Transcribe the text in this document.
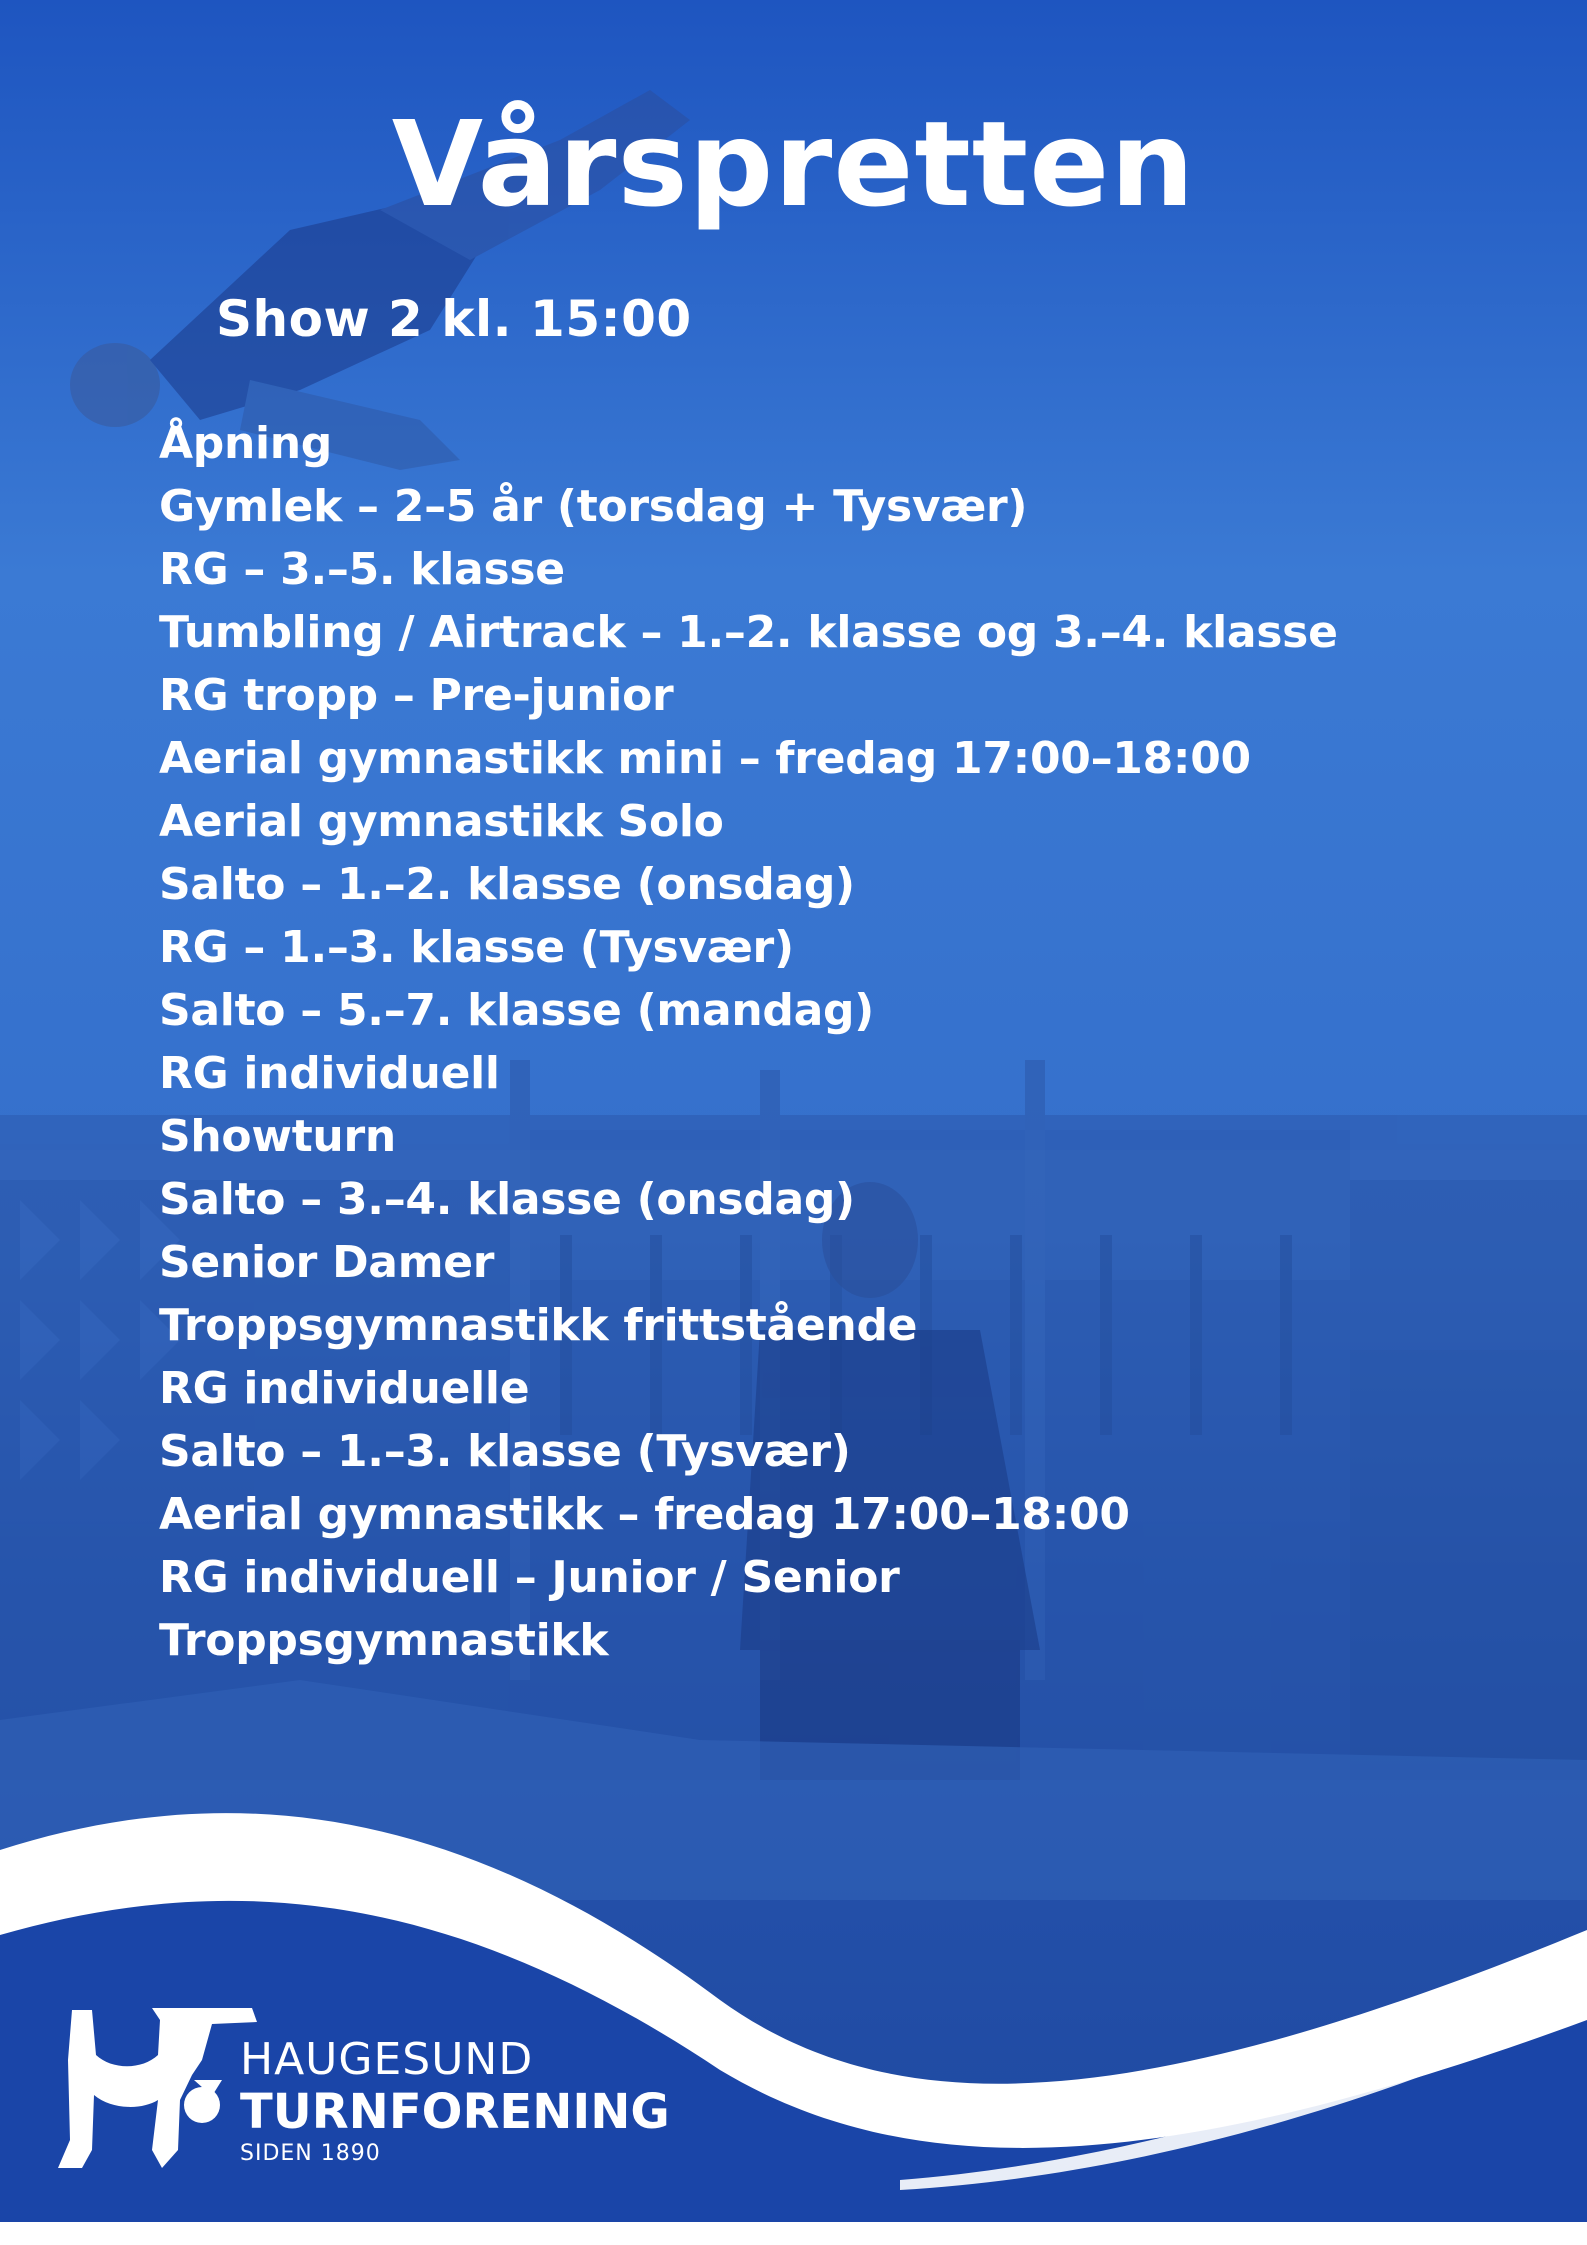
Vårspretten
Show 2 kl. 15:00
Åpning
Gymlek – 2–5 år (torsdag + Tysvær)
RG – 3.–5. klasse
Tumbling / Airtrack – 1.–2. klasse og 3.–4. klasse
RG tropp – Pre-junior
Aerial gymnastikk mini – fredag 17:00–18:00
Aerial gymnastikk Solo
Salto – 1.–2. klasse (onsdag)
RG – 1.–3. klasse (Tysvær)
Salto – 5.–7. klasse (mandag)
RG individuell
Showturn
Salto – 3.–4. klasse (onsdag)
Senior Damer
Troppsgymnastikk frittstående
RG individuelle
Salto – 1.–3. klasse (Tysvær)
Aerial gymnastikk – fredag 17:00–18:00
RG individuell – Junior / Senior
Troppsgymnastikk
HAUGESUND
TURNFORENING
SIDEN 1890
